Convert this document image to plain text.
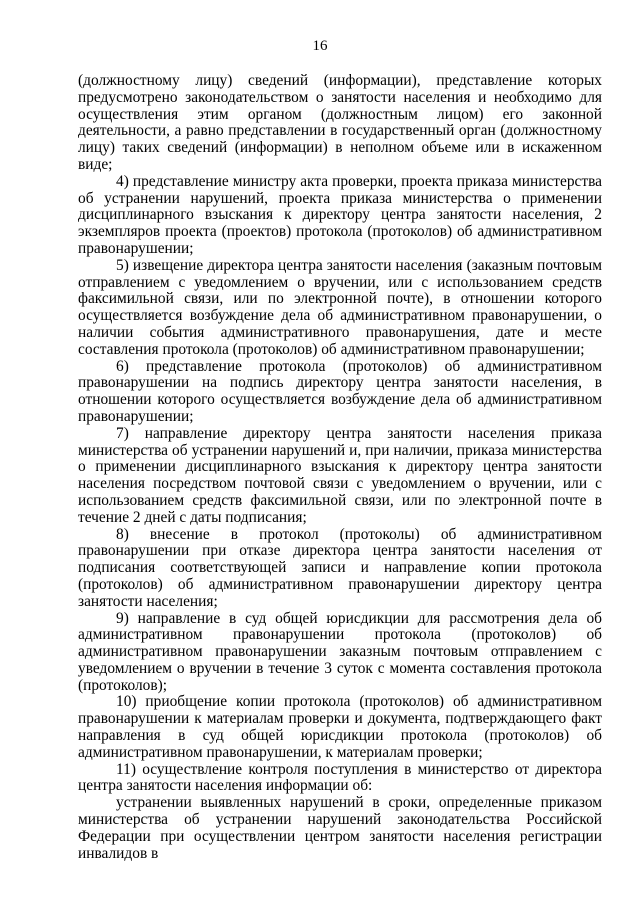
16

(должностному лицу) сведений (информации), представление которых предусмотрено законодательством о занятости населения и необходимо для осуществления этим органом (должностным лицом) его законной деятельности, а равно представлении в государственный орган (должностному лицу) таких сведений (информации) в неполном объеме или в искаженном виде;

4) представление министру акта проверки, проекта приказа министерства об устранении нарушений, проекта приказа министерства о применении дисциплинарного взыскания к директору центра занятости населения, 2 экземпляров проекта (проектов) протокола (протоколов) об административном правонарушении;

5) извещение директора центра занятости населения (заказным почтовым отправлением с уведомлением о вручении, или с использованием средств факсимильной связи, или по электронной почте), в отношении которого осуществляется возбуждение дела об административном правонарушении, о наличии события административного правонарушения, дате и месте составления протокола (протоколов) об административном правонарушении;

6) представление протокола (протоколов) об административном правонарушении на подпись директору центра занятости населения, в отношении которого осуществляется возбуждение дела об административном правонарушении;

7) направление директору центра занятости населения приказа министерства об устранении нарушений и, при наличии, приказа министерства о применении дисциплинарного взыскания к директору центра занятости населения посредством почтовой связи с уведомлением о вручении, или с использованием средств факсимильной связи, или по электронной почте в течение 2 дней с даты подписания;

8) внесение в протокол (протоколы) об административном правонарушении при отказе директора центра занятости населения от подписания соответствующей записи и направление копии протокола (протоколов) об административном правонарушении директору центра занятости населения;

9) направление в суд общей юрисдикции для рассмотрения дела об административном правонарушении протокола (протоколов) об административном правонарушении заказным почтовым отправлением с уведомлением о вручении в течение 3 суток с момента составления протокола (протоколов);

10) приобщение копии протокола (протоколов) об административном правонарушении к материалам проверки и документа, подтверждающего факт направления в суд общей юрисдикции протокола (протоколов) об административном правонарушении, к материалам проверки;

11) осуществление контроля поступления в министерство от директора центра занятости населения информации об:

устранении выявленных нарушений в сроки, определенные приказом министерства об устранении нарушений законодательства Российской Федерации при осуществлении центром занятости населения регистрации инвалидов в
